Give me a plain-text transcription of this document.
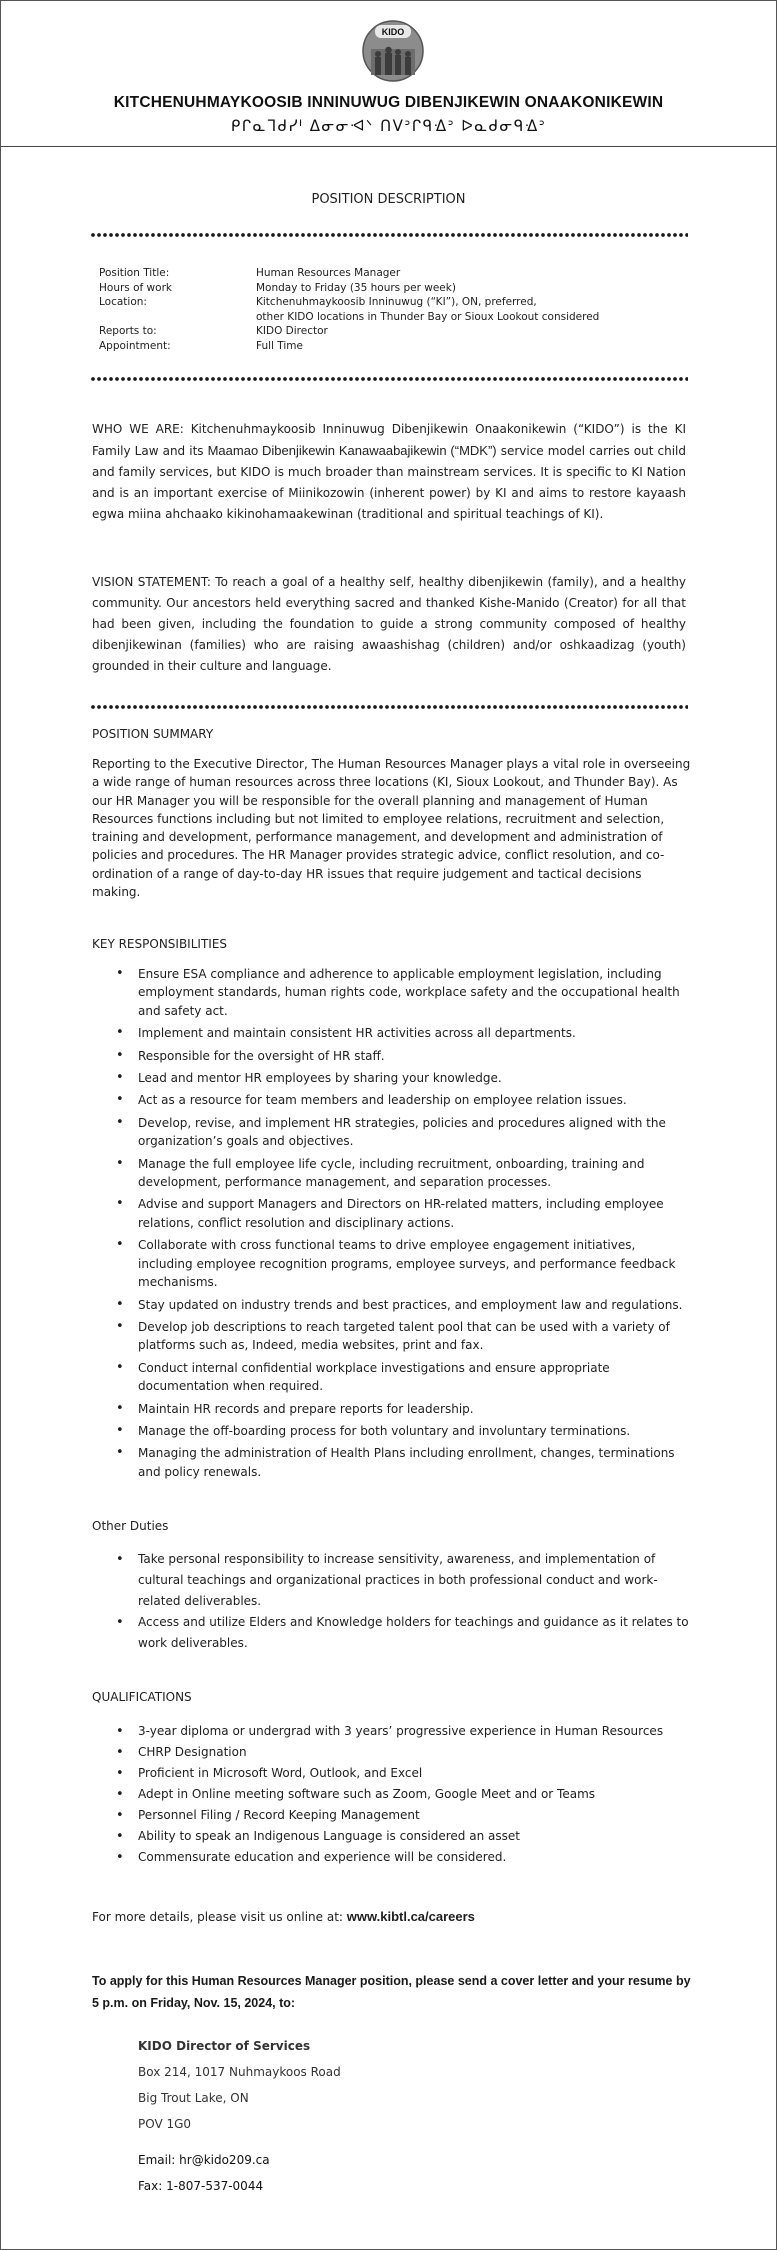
KIDO
KITCHENUHMAYKOOSIB INNINUWUG DIBENJIKEWIN ONAAKONIKEWIN
ᑭᒋᓇᒣᑯᓯᑊ ᐃᓂᓂᐗᐠ ᑎᐯᐣᒋᑫᐎᐣ ᐅᓇᑯᓂᑫᐎᐣ
POSITION DESCRIPTION
Position Title:	Human Resources Manager
Hours of work	Monday to Friday (35 hours per week)
Location:	Kitchenuhmaykoosib Inninuwug (“KI”), ON, preferred,
other KIDO locations in Thunder Bay or Sioux Lookout considered
Reports to:	KIDO Director
Appointment:	Full Time
WHO WE ARE: Kitchenuhmaykoosib Inninuwug Dibenjikewin Onaakonikewin (“KIDO”) is the KI Family Law and its Maamao Dibenjikewin Kanawaabajikewin (“MDK”) service model carries out child and family services, but KIDO is much broader than mainstream services. It is specific to KI Nation and is an important exercise of Miinikozowin (inherent power) by KI and aims to restore kayaash egwa miina ahchaako kikinohamaakewinan (traditional and spiritual teachings of KI).
VISION STATEMENT: To reach a goal of a healthy self, healthy dibenjikewin (family), and a healthy community. Our ancestors held everything sacred and thanked Kishe-Manido (Creator) for all that had been given, including the foundation to guide a strong community composed of healthy dibenjikewinan (families) who are raising awaashishag (children) and/or oshkaadizag (youth) grounded in their culture and language.
POSITION SUMMARY
Reporting to the Executive Director, The Human Resources Manager plays a vital role in overseeing a wide range of human resources across three locations (KI, Sioux Lookout, and Thunder Bay). As our HR Manager you will be responsible for the overall planning and management of Human Resources functions including but not limited to employee relations, recruitment and selection, training and development, performance management, and development and administration of policies and procedures. The HR Manager provides strategic advice, conflict resolution, and co-ordination of a range of day-to-day HR issues that require judgement and tactical decisions making.
KEY RESPONSIBILITIES
• Ensure ESA compliance and adherence to applicable employment legislation, including employment standards, human rights code, workplace safety and the occupational health and safety act.
• Implement and maintain consistent HR activities across all departments.
• Responsible for the oversight of HR staff.
• Lead and mentor HR employees by sharing your knowledge.
• Act as a resource for team members and leadership on employee relation issues.
• Develop, revise, and implement HR strategies, policies and procedures aligned with the organization’s goals and objectives.
• Manage the full employee life cycle, including recruitment, onboarding, training and development, performance management, and separation processes.
• Advise and support Managers and Directors on HR-related matters, including employee relations, conflict resolution and disciplinary actions.
• Collaborate with cross functional teams to drive employee engagement initiatives, including employee recognition programs, employee surveys, and performance feedback mechanisms.
• Stay updated on industry trends and best practices, and employment law and regulations.
• Develop job descriptions to reach targeted talent pool that can be used with a variety of platforms such as, Indeed, media websites, print and fax.
• Conduct internal confidential workplace investigations and ensure appropriate documentation when required.
• Maintain HR records and prepare reports for leadership.
• Manage the off-boarding process for both voluntary and involuntary terminations.
• Managing the administration of Health Plans including enrollment, changes, terminations and policy renewals.
Other Duties
• Take personal responsibility to increase sensitivity, awareness, and implementation of cultural teachings and organizational practices in both professional conduct and work-related deliverables.
• Access and utilize Elders and Knowledge holders for teachings and guidance as it relates to work deliverables.
QUALIFICATIONS
• 3-year diploma or undergrad with 3 years’ progressive experience in Human Resources
• CHRP Designation
• Proficient in Microsoft Word, Outlook, and Excel
• Adept in Online meeting software such as Zoom, Google Meet and or Teams
• Personnel Filing / Record Keeping Management
• Ability to speak an Indigenous Language is considered an asset
• Commensurate education and experience will be considered.
For more details, please visit us online at: www.kibtl.ca/careers
To apply for this Human Resources Manager position, please send a cover letter and your resume by 5 p.m. on Friday, Nov. 15, 2024, to:
KIDO Director of Services
Box 214, 1017 Nuhmaykoos Road
Big Trout Lake, ON
POV 1G0
Email: hr@kido209.ca
Fax: 1-807-537-0044
